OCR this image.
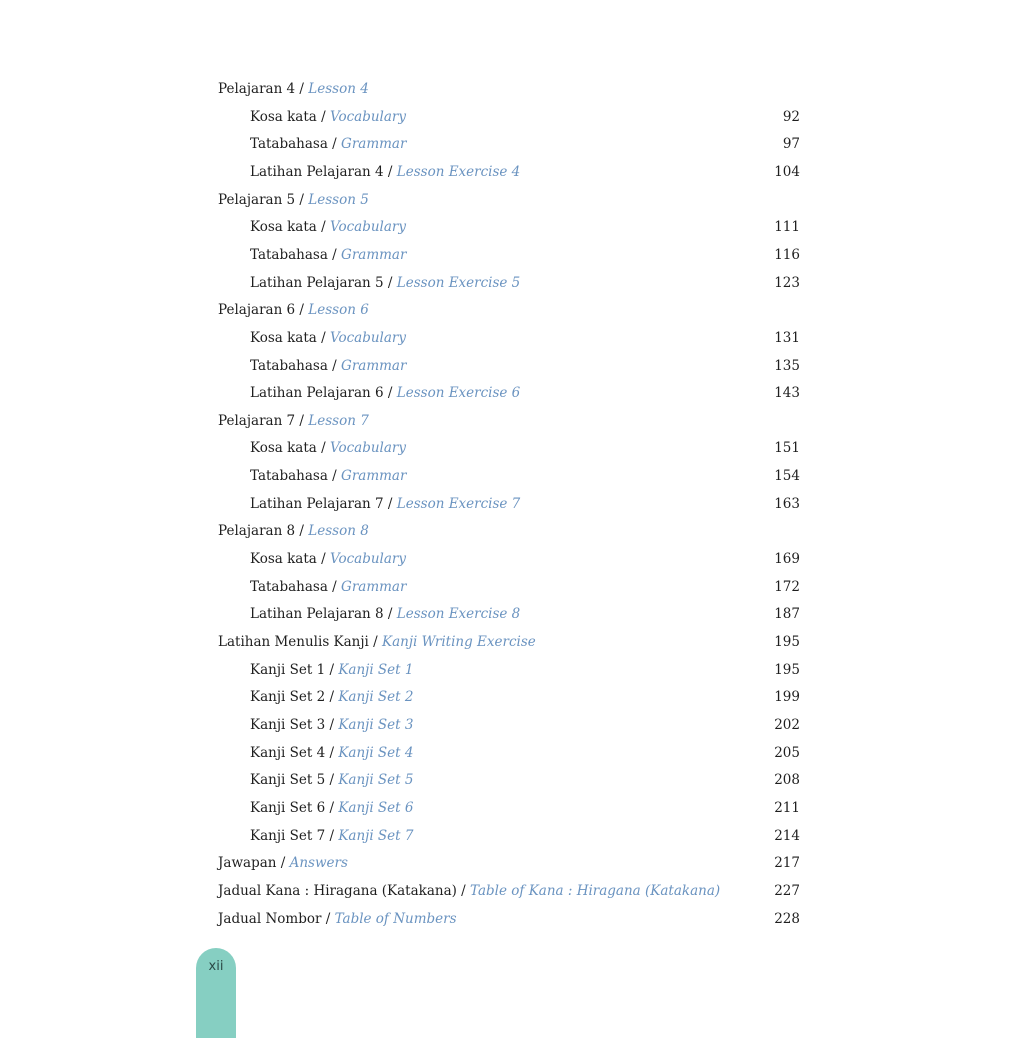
Pelajaran 4 / Lesson 4
Kosa kata / Vocabulary	92
Tatabahasa / Grammar	97
Latihan Pelajaran 4 / Lesson Exercise 4	104
Pelajaran 5 / Lesson 5
Kosa kata / Vocabulary	111
Tatabahasa / Grammar	116
Latihan Pelajaran 5 / Lesson Exercise 5	123
Pelajaran 6 / Lesson 6
Kosa kata / Vocabulary	131
Tatabahasa / Grammar	135
Latihan Pelajaran 6 / Lesson Exercise 6	143
Pelajaran 7 / Lesson 7
Kosa kata / Vocabulary	151
Tatabahasa / Grammar	154
Latihan Pelajaran 7 / Lesson Exercise 7	163
Pelajaran 8 / Lesson 8
Kosa kata / Vocabulary	169
Tatabahasa / Grammar	172
Latihan Pelajaran 8 / Lesson Exercise 8	187
Latihan Menulis Kanji / Kanji Writing Exercise	195
Kanji Set 1 / Kanji Set 1	195
Kanji Set 2 / Kanji Set 2	199
Kanji Set 3 / Kanji Set 3	202
Kanji Set 4 / Kanji Set 4	205
Kanji Set 5 / Kanji Set 5	208
Kanji Set 6 / Kanji Set 6	211
Kanji Set 7 / Kanji Set 7	214
Jawapan / Answers	217
Jadual Kana : Hiragana (Katakana) / Table of Kana : Hiragana (Katakana)	227
Jadual Nombor / Table of Numbers	228
xii
